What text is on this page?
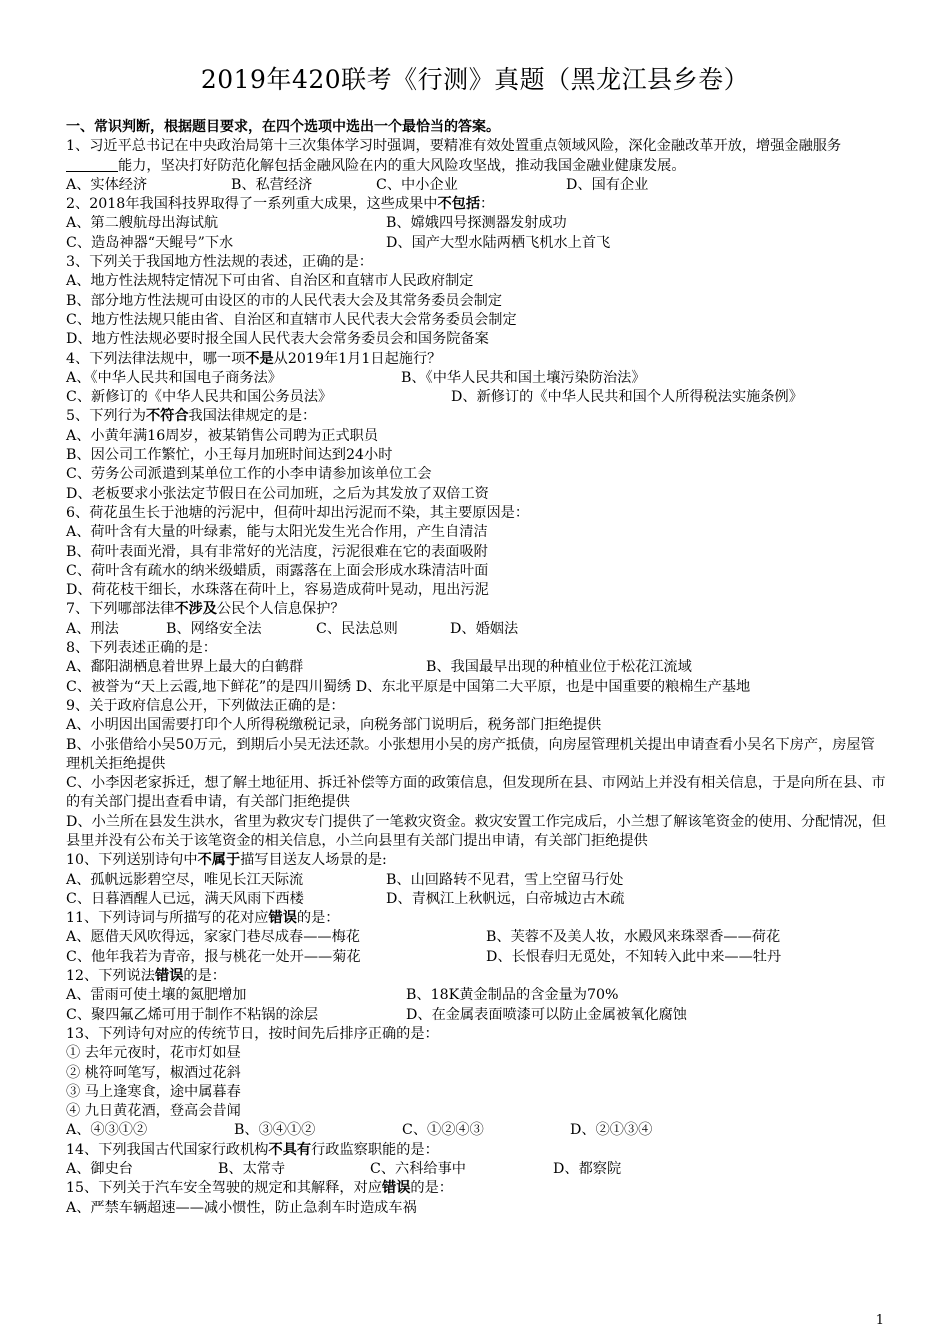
2019年420联考《行测》真题（黑龙江县乡卷）
一、常识判断，根据题目要求，在四个选项中选出一个最恰当的答案。
1、习近平总书记在中央政治局第十三次集体学习时强调，要精准有效处置重点领域风险，深化金融改革开放，增强金融服务能力，坚决打好防范化解包括金融风险在内的重大风险攻坚战，推动我国金融业健康发展。
A、实体经济	B、私营经济	C、中小企业	D、国有企业
2、2018年我国科技界取得了一系列重大成果，这些成果中不包括：
A、第二艘航母出海试航	B、嫦娥四号探测器发射成功
C、造岛神器“天鲲号”下水	D、国产大型水陆两栖飞机水上首飞
3、下列关于我国地方性法规的表述，正确的是：
A、地方性法规特定情况下可由省、自治区和直辖市人民政府制定
B、部分地方性法规可由设区的市的人民代表大会及其常务委员会制定
C、地方性法规只能由省、自治区和直辖市人民代表大会常务委员会制定
D、地方性法规必要时报全国人民代表大会常务委员会和国务院备案
4、下列法律法规中，哪一项不是从2019年1月1日起施行？
A、《中华人民共和国电子商务法》	B、《中华人民共和国土壤污染防治法》
C、新修订的《中华人民共和国公务员法》	D、新修订的《中华人民共和国个人所得税法实施条例》
5、下列行为不符合我国法律规定的是：
A、小黄年满16周岁，被某销售公司聘为正式职员
B、因公司工作繁忙，小王每月加班时间达到24小时
C、劳务公司派遣到某单位工作的小李申请参加该单位工会
D、老板要求小张法定节假日在公司加班，之后为其发放了双倍工资
6、荷花虽生长于池塘的污泥中，但荷叶却出污泥而不染，其主要原因是：
A、荷叶含有大量的叶绿素，能与太阳光发生光合作用，产生自清洁
B、荷叶表面光滑，具有非常好的光洁度，污泥很难在它的表面吸附
C、荷叶含有疏水的纳米级蜡质，雨露落在上面会形成水珠清洁叶面
D、荷花枝干细长，水珠落在荷叶上，容易造成荷叶晃动，甩出污泥
7、下列哪部法律不涉及公民个人信息保护？
A、刑法	B、网络安全法	C、民法总则	D、婚姻法
8、下列表述正确的是：
A、鄱阳湖栖息着世界上最大的白鹤群	B、我国最早出现的种植业位于松花江流域
C、被誉为“天上云霞,地下鲜花”的是四川蜀绣 D、东北平原是中国第二大平原，也是中国重要的粮棉生产基地
9、关于政府信息公开，下列做法正确的是：
A、小明因出国需要打印个人所得税缴税记录，向税务部门说明后，税务部门拒绝提供
B、小张借给小吴50万元，到期后小吴无法还款。小张想用小吴的房产抵债，向房屋管理机关提出申请查看小吴名下房产，房屋管理机关拒绝提供
C、小李因老家拆迁，想了解土地征用、拆迁补偿等方面的政策信息，但发现所在县、市网站上并没有相关信息，于是向所在县、市的有关部门提出查看申请，有关部门拒绝提供
D、小兰所在县发生洪水，省里为救灾专门提供了一笔救灾资金。救灾安置工作完成后，小兰想了解该笔资金的使用、分配情况，但县里并没有公布关于该笔资金的相关信息，小兰向县里有关部门提出申请，有关部门拒绝提供
10、下列送别诗句中不属于描写目送友人场景的是:
A、孤帆远影碧空尽，唯见长江天际流	B、山回路转不见君，雪上空留马行处
C、日暮酒醒人已远，满天风雨下西楼	D、青枫江上秋帆远，白帝城边古木疏
11、下列诗词与所描写的花对应错误的是：
A、愿借天风吹得远，家家门巷尽成春——梅花	B、芙蓉不及美人妆，水殿风来珠翠香——荷花
C、他年我若为青帝，报与桃花一处开——菊花	D、长恨春归无觅处，不知转入此中来——牡丹
12、下列说法错误的是：
A、雷雨可使土壤的氮肥增加	B、18K黄金制品的含金量为70%
C、聚四氟乙烯可用于制作不粘锅的涂层	D、在金属表面喷漆可以防止金属被氧化腐蚀
13、下列诗句对应的传统节日，按时间先后排序正确的是：
① 去年元夜时，花市灯如昼
② 桃符呵笔写，椒酒过花斜
③ 马上逢寒食，途中属暮春
④ 九日黄花酒，登高会昔闻
A、④③①②	B、③④①②	C、①②④③	D、②①③④
14、下列我国古代国家行政机构不具有行政监察职能的是：
A、御史台	B、太常寺	C、六科给事中	D、都察院
15、下列关于汽车安全驾驶的规定和其解释，对应错误的是：
A、严禁车辆超速——减小惯性，防止急刹车时造成车祸
1
